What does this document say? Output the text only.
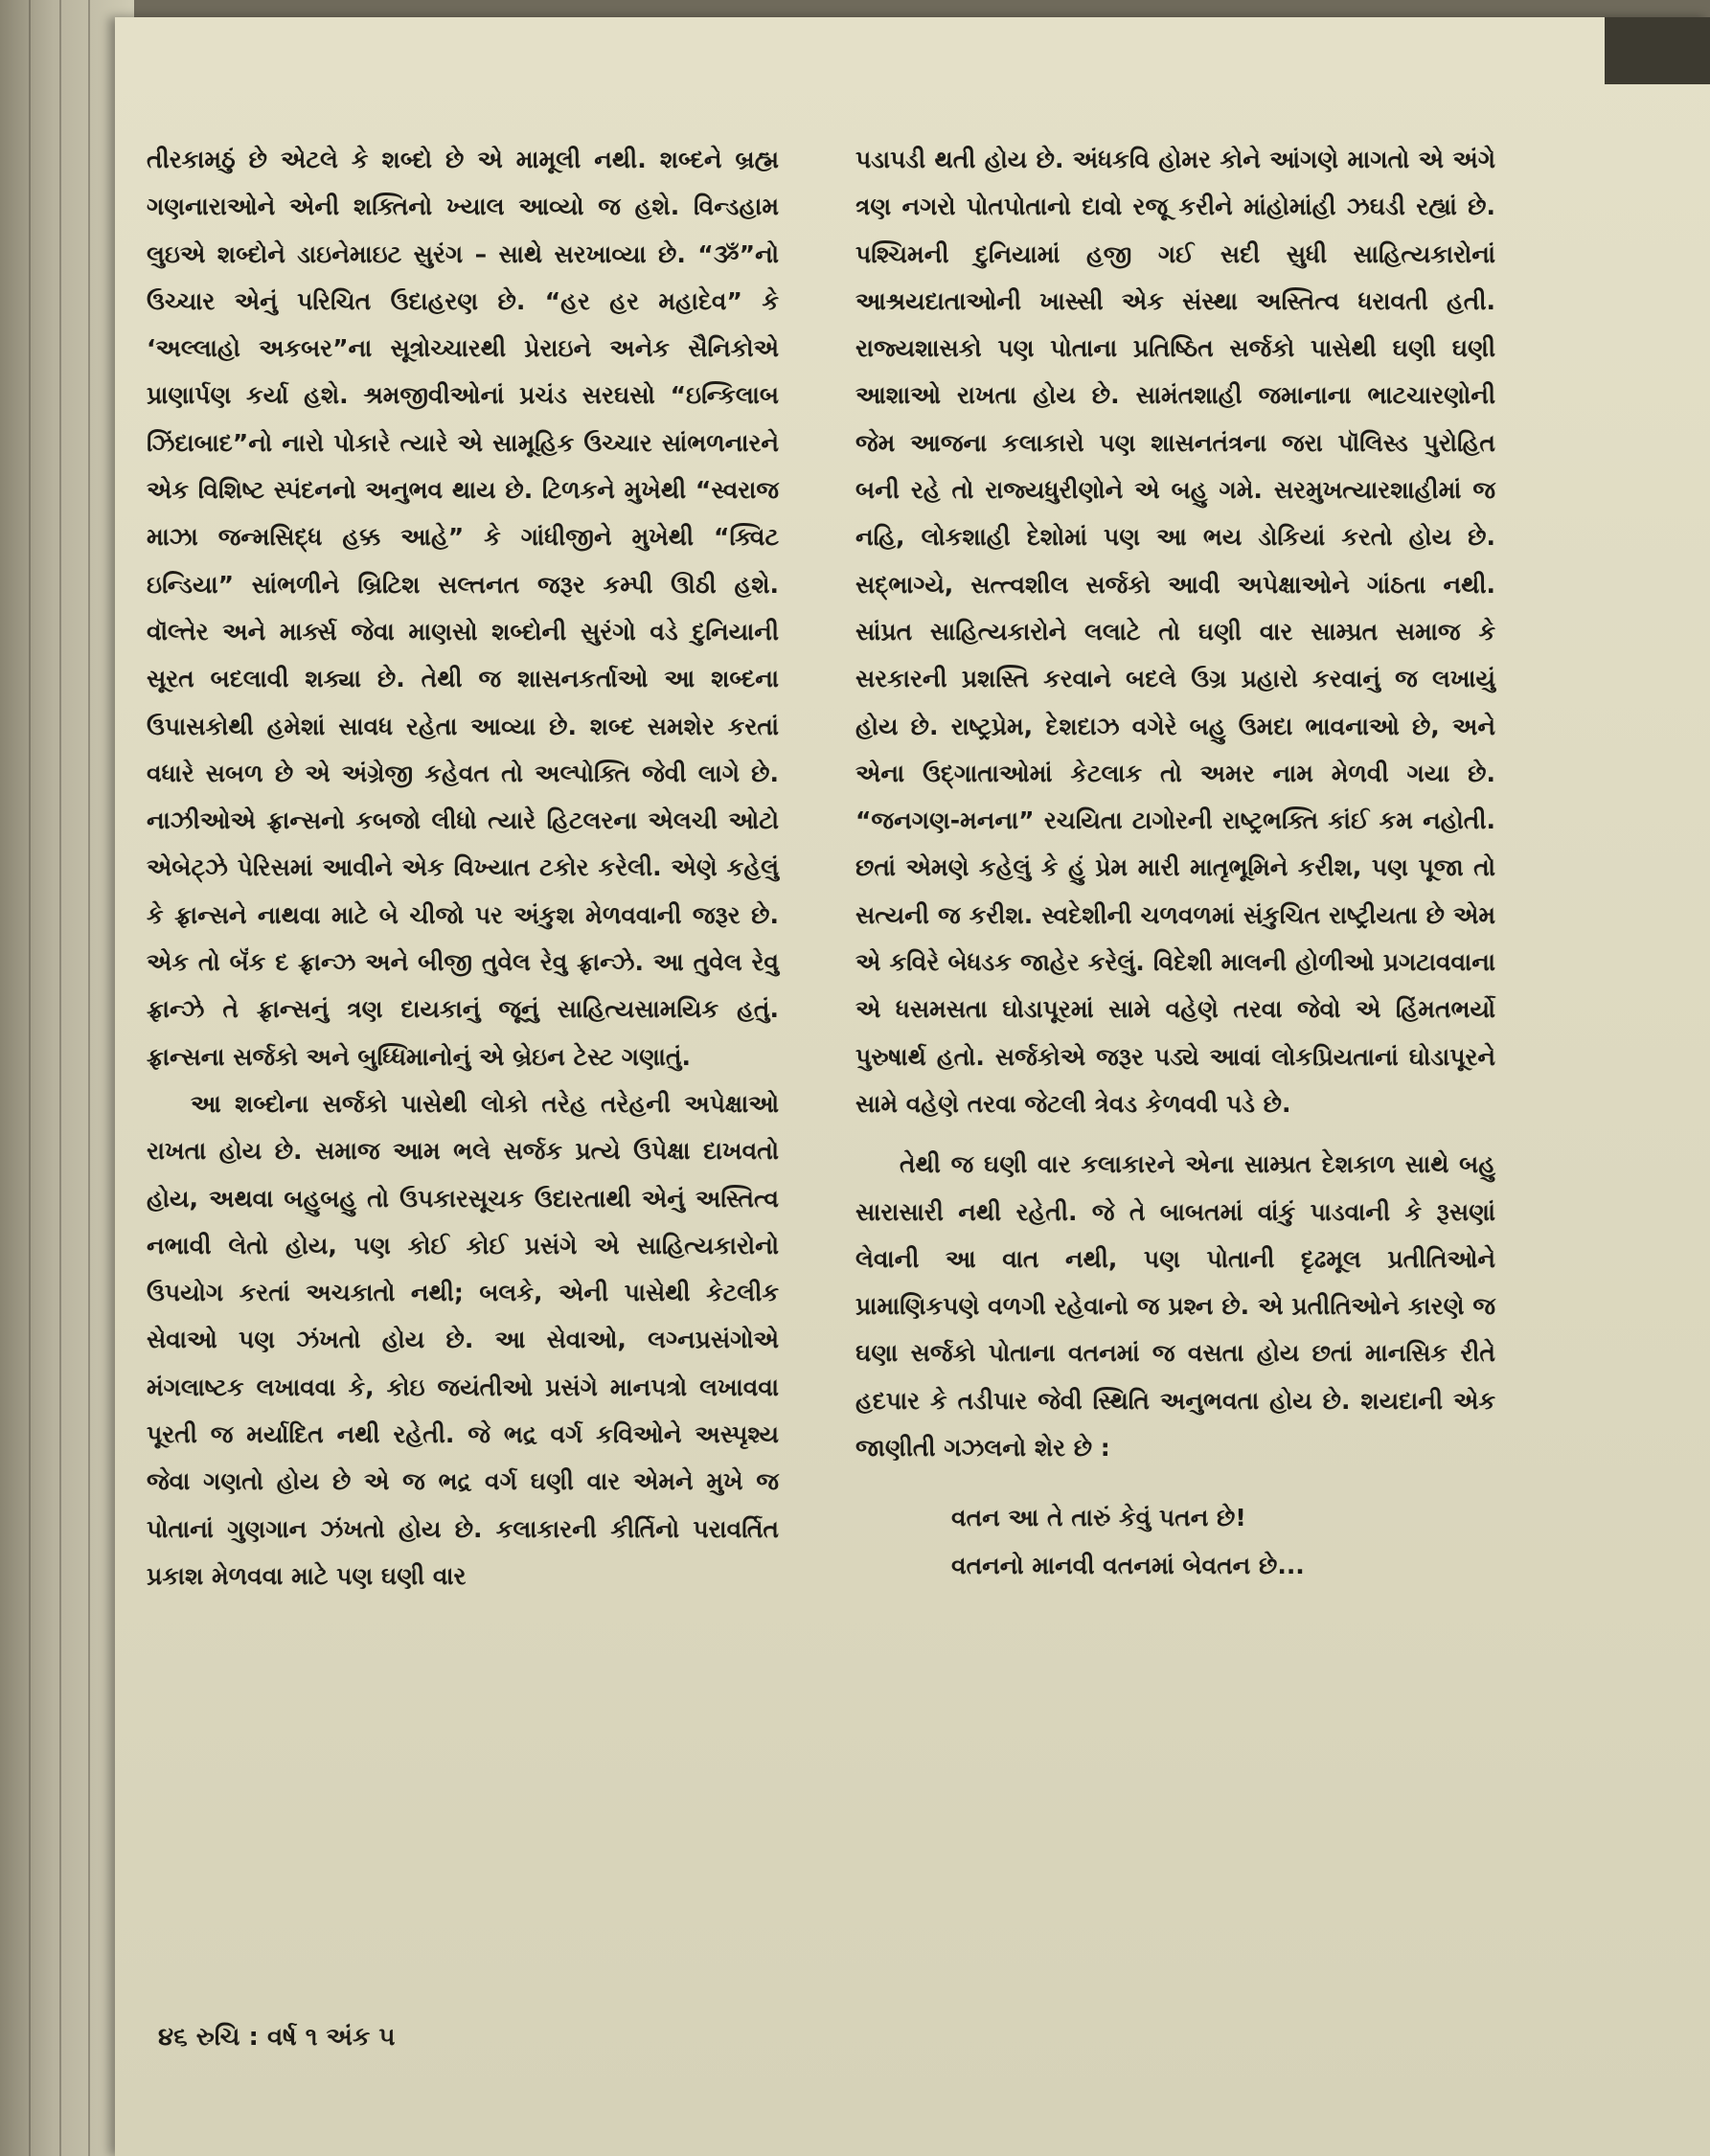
તીરકામઠું છે એટલે કે શબ્દો છે એ મામૂલી નથી. શબ્દને બ્રહ્મ ગણનારાઓને એની શક્તિનો ખ્યાલ આવ્યો જ હશે. વિન્ડહામ લુઇએ શબ્દોને ડાઇનેમાઇટ સુરંગ – સાથે સરખાવ્યા છે. “ૐ”નો ઉચ્ચાર એનું પરિચિત ઉદાહરણ છે. “હર હર મહાદેવ” કે ‘અલ્લાહો અકબર”ના સૂત્રોચ્ચારથી પ્રેરાઇને અનેક સૈનિકોએ પ્રાણાર્પણ કર્યા હશે. શ્રમજીવીઓનાં પ્રચંડ સરઘસો “ઇન્કિલાબ ઝિંદાબાદ”નો નારો પોકારે ત્યારે એ સામૂહિક ઉચ્ચાર સાંભળનારને એક વિશિષ્ટ સ્પંદનનો અનુભવ થાય છે. ટિળકને મુખેથી “સ્વરાજ માઝા જન્મસિદ્ધ હક્ક આહે” કે ગાંધીજીને મુખેથી “ક્વિટ ઇન્ડિયા” સાંભળીને બ્રિટિશ સલ્તનત જરૂર કમ્પી ઊઠી હશે. વૉલ્તેર અને માર્ક્સ જેવા માણસો શબ્દોની સુરંગો વડે દુનિયાની સૂરત બદલાવી શક્યા છે. તેથી જ શાસનકર્તાઓ આ શબ્દના ઉપાસકોથી હમેશાં સાવધ રહેતા આવ્યા છે. શબ્દ સમશેર કરતાં વધારે સબળ છે એ અંગ્રેજી કહેવત તો અલ્પોક્તિ જેવી લાગે છે. નાઝીઓએ ફ્રાન્સનો કબજો લીધો ત્યારે હિટલરના એલચી ઓટો એબેટ્ઝે પેરિસમાં આવીને એક વિખ્યાત ટકોર કરેલી. એણે કહેલું કે ફ્રાન્સને નાથવા માટે બે ચીજો પર અંકુશ મેળવવાની જરૂર છે. એક તો બૅંક દ ફ્રાન્ઝ અને બીજી તુવેલ રેવુ ફ્રાન્ઝે. આ તુવેલ રેવુ ફ્રાન્ઝે તે ફ્રાન્સનું ત્રણ દાયકાનું જૂનું સાહિત્યસામયિક હતું. ફ્રાન્સના સર્જકો અને બુધ્ધિમાનોનું એ બ્રેઇન ટેસ્ટ ગણાતું.

આ શબ્દોના સર્જકો પાસેથી લોકો તરેહ તરેહની અપેક્ષાઓ રાખતા હોય છે. સમાજ આમ ભલે સર્જક પ્રત્યે ઉપેક્ષા દાખવતો હોય, અથવા બહુબહુ તો ઉપકારસૂચક ઉદારતાથી એનું અસ્તિત્વ નભાવી લેતો હોય, પણ કોઈ કોઈ પ્રસંગે એ સાહિત્યકારોનો ઉપયોગ કરતાં અચકાતો નથી; બલકે, એની પાસેથી કેટલીક સેવાઓ પણ ઝંખતો હોય છે. આ સેવાઓ, લગ્નપ્રસંગોએ મંગલાષ્ટક લખાવવા કે, કોઇ જયંતીઓ પ્રસંગે માનપત્રો લખાવવા પૂરતી જ મર્યાદિત નથી રહેતી. જે ભદ્ર વર્ગ કવિઓને અસ્પૃશ્ય જેવા ગણતો હોય છે એ જ ભદ્ર વર્ગ ઘણી વાર એમને મુખે જ પોતાનાં ગુણગાન ઝંખતો હોય છે. કલાકારની કીર્તિનો પરાવર્તિત પ્રકાશ મેળવવા માટે પણ ઘણી વાર

પડાપડી થતી હોય છે. અંધકવિ હોમર કોને આંગણે માગતો એ અંગે ત્રણ નગરો પોતપોતાનો દાવો રજૂ કરીને માંહોમાંહી ઝઘડી રહ્યાં છે. પશ્ચિમની દુનિયામાં હજી ગઈ સદી સુધી સાહિત્યકારોનાં આશ્રયદાતાઓની ખાસ્સી એક સંસ્થા અસ્તિત્વ ધરાવતી હતી. રાજ્યશાસકો પણ પોતાના પ્રતિષ્ઠિત સર્જકો પાસેથી ઘણી ઘણી આશાઓ રાખતા હોય છે. સામંતશાહી જમાનાના ભાટચારણોની જેમ આજના કલાકારો પણ શાસનતંત્રના જરા પૉલિસ્ડ પુરોહિત બની રહે તો રાજ્યધુરીણોને એ બહુ ગમે. સરમુખત્યારશાહીમાં જ નહિ, લોકશાહી દેશોમાં પણ આ ભય ડોકિયાં કરતો હોય છે. સદ્ભાગ્યે, સત્ત્વશીલ સર્જકો આવી અપેક્ષાઓને ગાંઠતા નથી. સાંપ્રત સાહિત્યકારોને લલાટે તો ઘણી વાર સામ્પ્રત સમાજ કે સરકારની પ્રશસ્તિ કરવાને બદલે ઉગ્ર પ્રહારો કરવાનું જ લખાયું હોય છે. રાષ્ટ્રપ્રેમ, દેશદાઝ વગેરે બહુ ઉમદા ભાવનાઓ છે, અને એના ઉદ્ગાતાઓમાં કેટલાક તો અમર નામ મેળવી ગયા છે. “જનગણ-મનના” રચયિતા ટાગોરની રાષ્ટ્રભક્તિ કાંઈ કમ નહોતી. છતાં એમણે કહેલું કે હું પ્રેમ મારી માતૃભૂમિને કરીશ, પણ પૂજા તો સત્યની જ કરીશ. સ્વદેશીની ચળવળમાં સંકુચિત રાષ્ટ્રીયતા છે એમ એ કવિરે બેધડક જાહેર કરેલું. વિદેશી માલની હોળીઓ પ્રગટાવવાના એ ધસમસતા ઘોડાપૂરમાં સામે વહેણે તરવા જેવો એ હિંમતભર્યો પુરુષાર્થ હતો. સર્જકોએ જરૂર પડ્યે આવાં લોકપ્રિયતાનાં ઘોડાપૂરને સામે વહેણે તરવા જેટલી ત્રેવડ કેળવવી પડે છે.

તેથી જ ઘણી વાર કલાકારને એના સામ્પ્રત દેશકાળ સાથે બહુ સારાસારી નથી રહેતી. જે તે બાબતમાં વાંકું પાડવાની કે રૂસણાં લેવાની આ વાત નથી, પણ પોતાની દૃઢમૂલ પ્રતીતિઓને પ્રામાણિકપણે વળગી રહેવાનો જ પ્રશ્ન છે. એ પ્રતીતિઓને કારણે જ ઘણા સર્જકો પોતાના વતનમાં જ વસતા હોય છતાં માનસિક રીતે હદપાર કે તડીપાર જેવી સ્થિતિ અનુભવતા હોય છે. શયદાની એક જાણીતી ગઝલનો શેર છે :

વતન આ તે તારું કેવું પતન છે!
વતનનો માનવી વતનમાં બેવતન છે...
૪૬ રુચિ : વર્ષ ૧ અંક ૫
